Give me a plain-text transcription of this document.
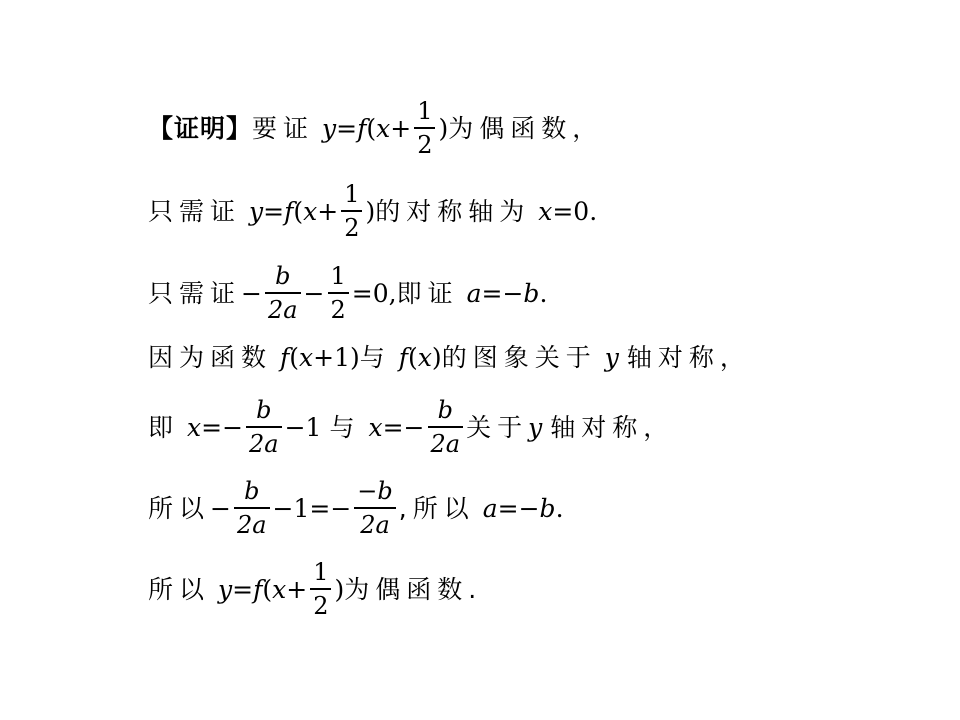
【证明】 要证 y = f ( $x + \frac{1}{2}$ ) 为偶函数，
只需证 y = f ( $x + \frac{1}{2}$ ) 的对称轴为 x =0.
只需证 − $\frac{b}{2a} - \frac{1}{2} =0$, 即证 a =− b .
因为函数 f ( x +1) 与 f ( x ) 的图象关于 y 轴对称，
即 $x =- \frac{b}{2a} -1$ 与 $x =- \frac{b}{2a}$ 关于 y 轴对称，
所以 − $\frac{b}{2a} -1=- \frac{-b}{2a}$ ,所以 a =− b .
所以 y = f ( $x + \frac{1}{2}$ ) 为偶函数.
